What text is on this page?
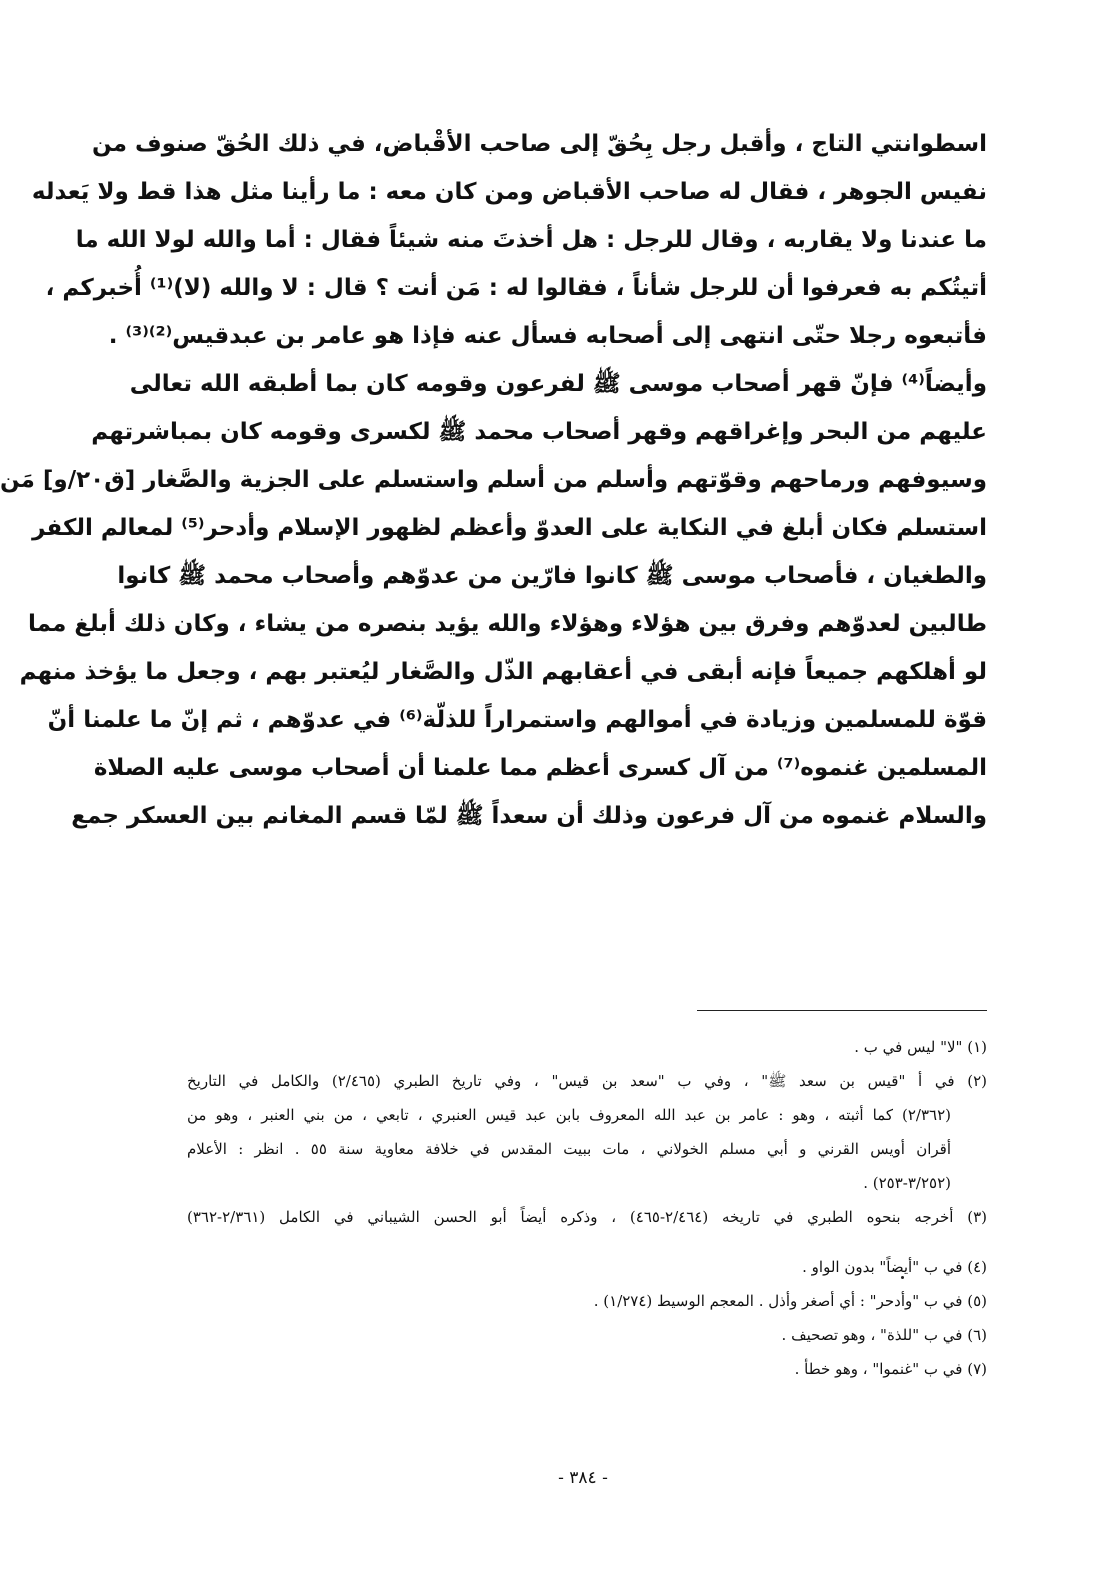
اسطوانتي التاج ، وأقبل رجل بِحُقّ إلى صاحب الأقْباض، في ذلك الحُقّ صنوف من
نفيس الجوهر ، فقال له صاحب الأقباض ومن كان معه : ما رأينا مثل هذا قط ولا يَعدله
ما عندنا ولا يقاربه ، وقال للرجل : هل أخذتَ منه شيئاً فقال : أما والله لولا الله ما
أتيتُكم به فعرفوا أن للرجل شأناً ، فقالوا له : مَن أنت ؟ قال : لا والله (لا)⁽¹⁾ أُخبركم ،
فأتبعوه رجلا حتّى انتهى إلى أصحابه فسأل عنه فإذا هو عامر بن عبدقيس⁽²⁾⁽³⁾ .
وأيضاً⁽⁴⁾ فإنّ قهر أصحاب موسى ﷺ لفرعون وقومه كان بما أطبقه الله تعالى
عليهم من البحر وإغراقهم وقهر أصحاب محمد ﷺ لكسرى وقومه كان بمباشرتهم
وسيوفهم ورماحهم وقوّتهم وأسلم من أسلم واستسلم على الجزية والصَّغار [ق٢٠/و] مَن
استسلم فكان أبلغ في النكاية على العدوّ وأعظم لظهور الإسلام وأدحر⁽⁵⁾ لمعالم الكفر
والطغيان ، فأصحاب موسى ﷺ كانوا فارّين من عدوّهم وأصحاب محمد ﷺ كانوا
طالبين لعدوّهم وفرق بين هؤلاء وهؤلاء والله يؤيد بنصره من يشاء ، وكان ذلك أبلغ مما
لو أهلكهم جميعاً فإنه أبقى في أعقابهم الذّل والصَّغار ليُعتبر بهم ، وجعل ما يؤخذ منهم
قوّة للمسلمين وزيادة في أموالهم واستمراراً للذلّة⁽⁶⁾ في عدوّهم ، ثم إنّ ما علمنا أنّ
المسلمين غنموه⁽⁷⁾ من آل كسرى أعظم مما علمنا أن أصحاب موسى عليه الصلاة
والسلام غنموه من آل فرعون وذلك أن سعداً ﷺ لمّا قسم المغانم بين العسكر جمع
(١) "لا" ليس في ب .
(٢) في أ "قيس بن سعد ﷺ" ، وفي ب "سعد بن قيس" ، وفي تاريخ الطبري (٢/٤٦٥) والكامل في التاريخ
(٢/٣٦٢) كما أثبته ، وهو : عامر بن عبد الله المعروف بابن عبد قيس العنبري ، تابعي ، من بني العنبر ، وهو من
أقران أويس القرني و أبي مسلم الخولاني ، مات ببيت المقدس في خلافة معاوية سنة ٥٥ . انظر : الأعلام
(٣/٢٥٢-٢٥٣) .
(٣) أخرجه بنحوه الطبري في تاريخه (٢/٤٦٤-٤٦٥) ، وذكره أيضاً أبو الحسن الشيباني في الكامل (٢/٣٦١-٣٦٢)
(٤) في ب "أيضاً" بدون الواو .
(٥) في ب "وأدحر" : أي أصغر وأذل . المعجم الوسيط (١/٢٧٤) .
(٦) في ب "للذة" ، وهو تصحيف .
(٧) في ب "غنموا" ، وهو خطأ .
- ٣٨٤ -
